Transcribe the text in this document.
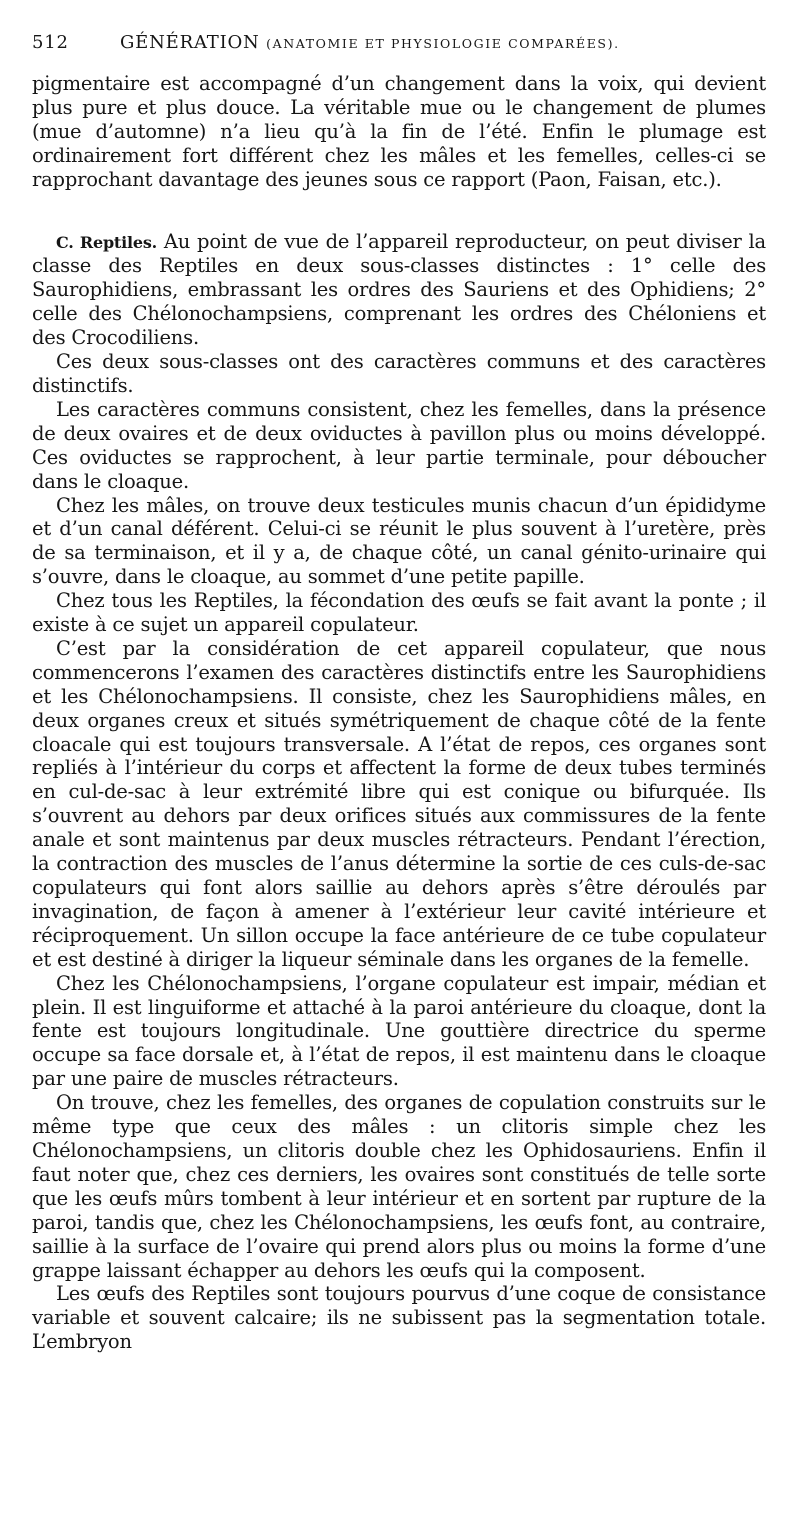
512	GÉNÉRATION (ANATOMIE ET PHYSIOLOGIE COMPARÉES).

pigmentaire est accompagné d’un changement dans la voix, qui devient plus pure et plus douce. La véritable mue ou le changement de plumes (mue d’automne) n’a lieu qu’à la fin de l’été. Enfin le plumage est ordinairement fort différent chez les mâles et les femelles, celles-ci se rapprochant davantage des jeunes sous ce rapport (Paon, Faisan, etc.).

C. Reptiles. Au point de vue de l’appareil reproducteur, on peut diviser la classe des Reptiles en deux sous-classes distinctes : 1° celle des Saurophidiens, embrassant les ordres des Sauriens et des Ophidiens; 2° celle des Chélonochampsiens, comprenant les ordres des Chéloniens et des Crocodiliens.

Ces deux sous-classes ont des caractères communs et des caractères distinctifs.

Les caractères communs consistent, chez les femelles, dans la présence de deux ovaires et de deux oviductes à pavillon plus ou moins développé. Ces oviductes se rapprochent, à leur partie terminale, pour déboucher dans le cloaque.

Chez les mâles, on trouve deux testicules munis chacun d’un épididyme et d’un canal déférent. Celui-ci se réunit le plus souvent à l’uretère, près de sa terminaison, et il y a, de chaque côté, un canal génito-urinaire qui s’ouvre, dans le cloaque, au sommet d’une petite papille.

Chez tous les Reptiles, la fécondation des œufs se fait avant la ponte ; il existe à ce sujet un appareil copulateur.

C’est par la considération de cet appareil copulateur, que nous commencerons l’examen des caractères distinctifs entre les Saurophidiens et les Chélonochampsiens. Il consiste, chez les Saurophidiens mâles, en deux organes creux et situés symétriquement de chaque côté de la fente cloacale qui est toujours transversale. A l’état de repos, ces organes sont repliés à l’intérieur du corps et affectent la forme de deux tubes terminés en cul-de-sac à leur extrémité libre qui est conique ou bifurquée. Ils s’ouvrent au dehors par deux orifices situés aux commissures de la fente anale et sont maintenus par deux muscles rétracteurs. Pendant l’érection, la contraction des muscles de l’anus détermine la sortie de ces culs-de-sac copulateurs qui font alors saillie au dehors après s’être déroulés par invagination, de façon à amener à l’extérieur leur cavité intérieure et réciproquement. Un sillon occupe la face antérieure de ce tube copulateur et est destiné à diriger la liqueur séminale dans les organes de la femelle.

Chez les Chélonochampsiens, l’organe copulateur est impair, médian et plein. Il est linguiforme et attaché à la paroi antérieure du cloaque, dont la fente est toujours longitudinale. Une gouttière directrice du sperme occupe sa face dorsale et, à l’état de repos, il est maintenu dans le cloaque par une paire de muscles rétracteurs.

On trouve, chez les femelles, des organes de copulation construits sur le même type que ceux des mâles : un clitoris simple chez les Chélonochampsiens, un clitoris double chez les Ophidosauriens. Enfin il faut noter que, chez ces derniers, les ovaires sont constitués de telle sorte que les œufs mûrs tombent à leur intérieur et en sortent par rupture de la paroi, tandis que, chez les Chélonochampsiens, les œufs font, au contraire, saillie à la surface de l’ovaire qui prend alors plus ou moins la forme d’une grappe laissant échapper au dehors les œufs qui la composent.

Les œufs des Reptiles sont toujours pourvus d’une coque de consistance variable et souvent calcaire; ils ne subissent pas la segmentation totale. L’embryon
